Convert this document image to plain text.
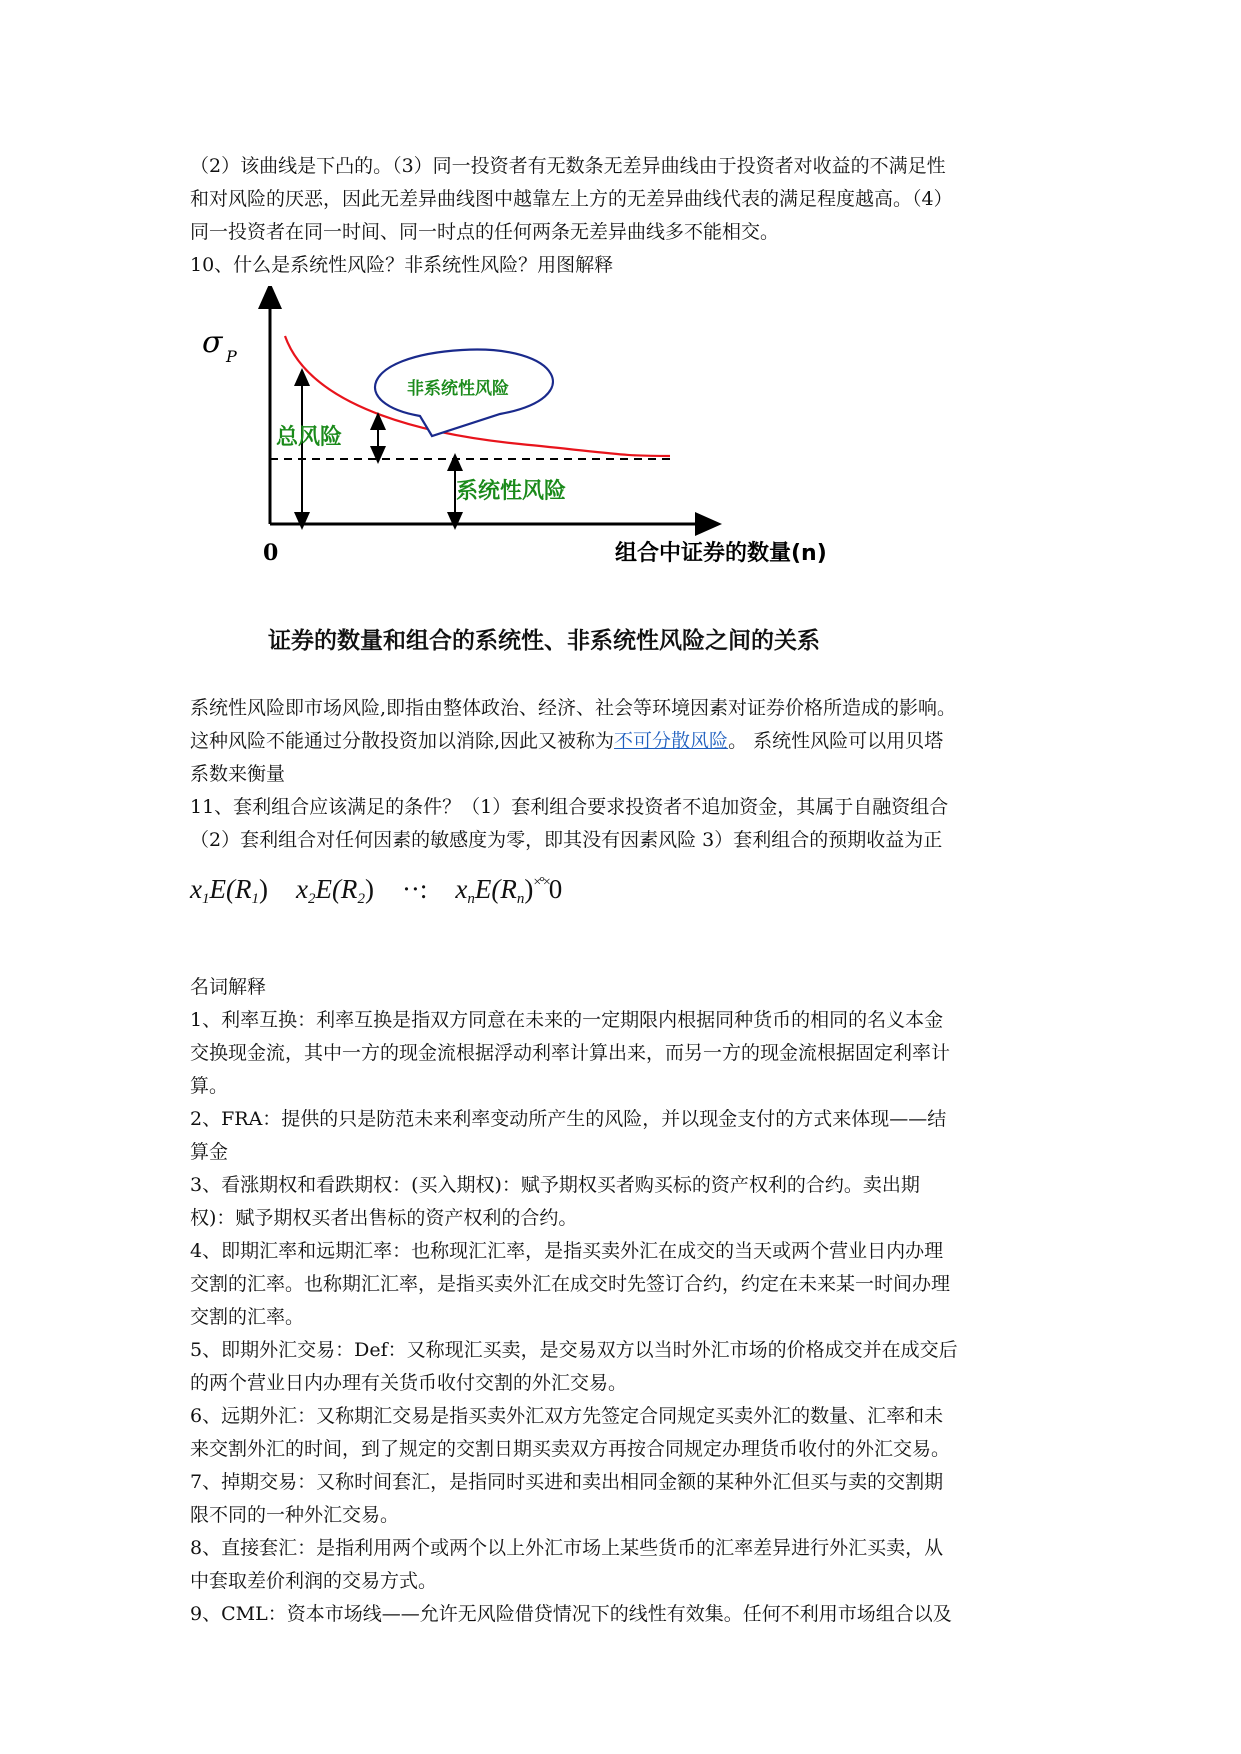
（2）该曲线是下凸的。（3）同一投资者有无数条无差异曲线由于投资者对收益的不满足性

和对风险的厌恶，因此无差异曲线图中越靠左上方的无差异曲线代表的满足程度越高。（4）

同一投资者在同一时间、同一时点的任何两条无差异曲线多不能相交。

10、什么是系统性风险？非系统性风险？用图解释

σ P
0	组合中证券的数量(n)
非系统性风险
总风险
系统性风险
证券的数量和组合的系统性、非系统性风险之间的关系

系统性风险即市场风险,即指由整体政治、经济、社会等环境因素对证券价格所造成的影响。

这种风险不能通过分散投资加以消除,因此又被称为不可分散风险。 系统性风险可以用贝塔

系数来衡量

11、套利组合应该满足的条件？（1）套利组合要求投资者不追加资金，其属于自融资组合

（2）套利组合对任何因素的敏感度为零，即其没有因素风险 3）套利组合的预期收益为正

$x_1E(R_1)$ $x_2E(R_2)$ ··: $x_nE(R_n)^{\times^\circ\times}0$

名词解释

1、利率互换：利率互换是指双方同意在未来的一定期限内根据同种货币的相同的名义本金

交换现金流，其中一方的现金流根据浮动利率计算出来，而另一方的现金流根据固定利率计

算。

2、FRA：提供的只是防范未来利率变动所产生的风险，并以现金支付的方式来体现——结

算金

3、看涨期权和看跌期权：(买入期权)：赋予期权买者购买标的资产权利的合约。卖出期

权)：赋予期权买者出售标的资产权利的合约。

4、即期汇率和远期汇率：也称现汇汇率，是指买卖外汇在成交的当天或两个营业日内办理

交割的汇率。也称期汇汇率，是指买卖外汇在成交时先签订合约，约定在未来某一时间办理

交割的汇率。

5、即期外汇交易：Def：又称现汇买卖，是交易双方以当时外汇市场的价格成交并在成交后

的两个营业日内办理有关货币收付交割的外汇交易。

6、远期外汇：又称期汇交易是指买卖外汇双方先签定合同规定买卖外汇的数量、汇率和未

来交割外汇的时间，到了规定的交割日期买卖双方再按合同规定办理货币收付的外汇交易。

7、掉期交易：又称时间套汇，是指同时买进和卖出相同金额的某种外汇但买与卖的交割期

限不同的一种外汇交易。

8、直接套汇：是指利用两个或两个以上外汇市场上某些货币的汇率差异进行外汇买卖，从

中套取差价利润的交易方式。

9、CML：资本市场线——允许无风险借贷情况下的线性有效集。任何不利用市场组合以及
